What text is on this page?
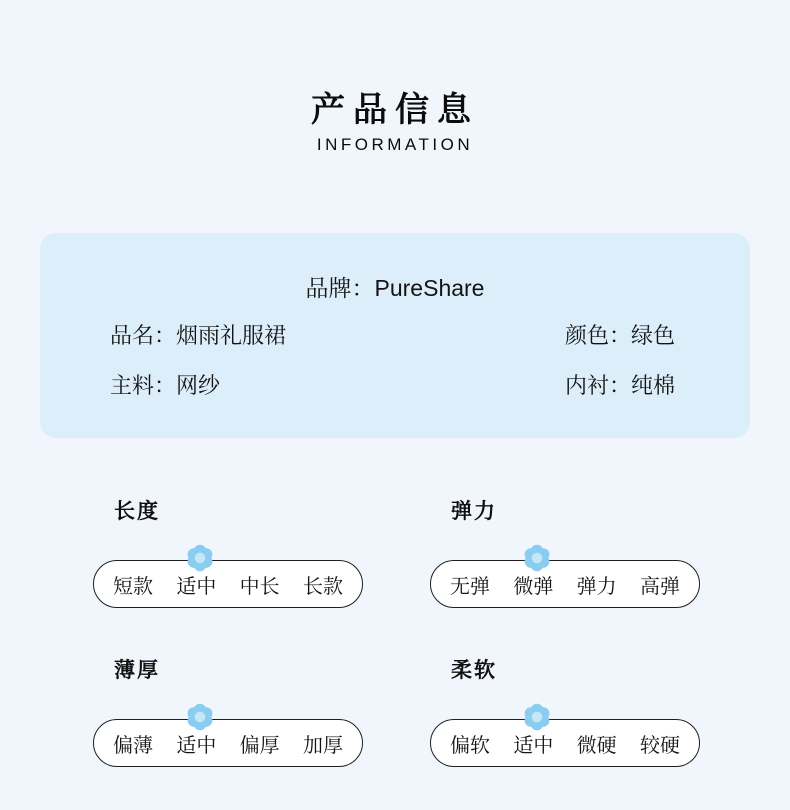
产品信息
INFORMATION
品牌：PureShare
品名：烟雨礼服裙	颜色：绿色
主料：网纱	内衬：纯棉
长度
短款 适中 中长 长款
弹力
无弹 微弹 弹力 高弹
薄厚
偏薄 适中 偏厚 加厚
柔软
偏软 适中 微硬 较硬
